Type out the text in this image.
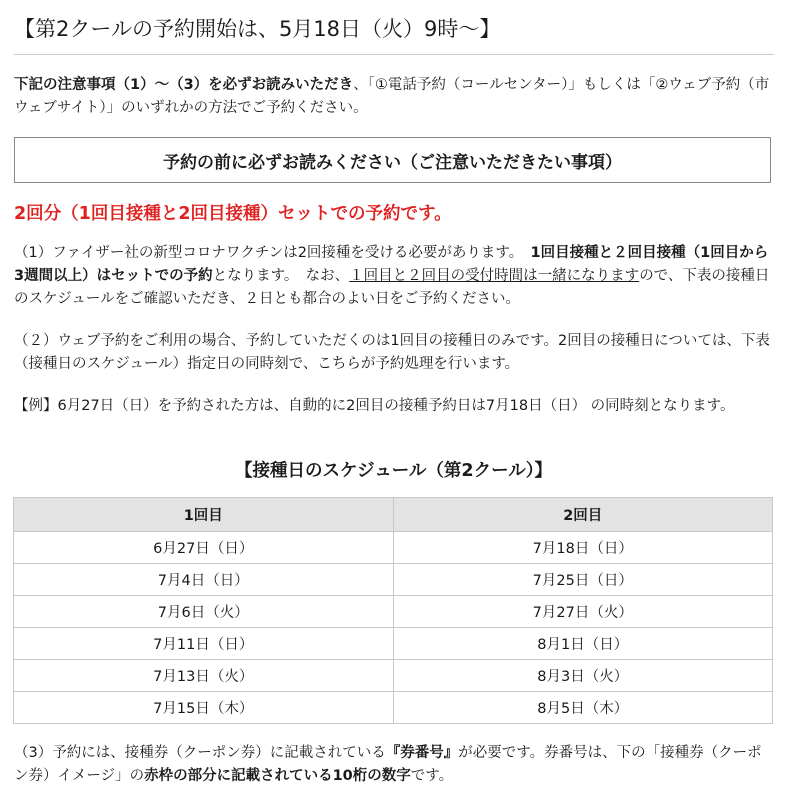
【第2クールの予約開始は、5月18日（火）9時〜】
下記の注意事項（1）〜（3）を必ずお読みいただき、「①電話予約（コールセンター）」もしくは「②ウェブ予約（市ウェブサイト）」のいずれかの方法でご予約ください。
予約の前に必ずお読みください（ご注意いただきたい事項）
2回分（1回目接種と2回目接種）セットでの予約です。
（1）ファイザー社の新型コロナワクチンは2回接種を受ける必要があります。　 1回目接種と２回目接種（1回目から3週間以上）はセットでの予約となります。　なお、１回目と２回目の受付時間は一緒になりますので、下表の接種日のスケジュールをご確認いただき、２日とも都合のよい日をご予約ください。
（２）ウェブ予約をご利用の場合、予約していただくのは1回目の接種日のみです。2回目の接種日については、下表（接種日のスケジュール）指定日の同時刻で、こちらが予約処理を行います。
【例】6月27日（日）を予約された方は、自動的に2回目の接種予約日は7月18日（日） の同時刻となります。
【接種日のスケジュール（第2クール）】
1回目	2回目
6月27日（日）	7月18日（日）
7月4日（日）	7月25日（日）
7月6日（火）	7月27日（火）
7月11日（日）	8月1日（日）
7月13日（火）	8月3日（火）
7月15日（木）	8月5日（木）
（3）予約には、接種券（クーポン券）に記載されている『券番号』が必要です。券番号は、下の「接種券（クーポン券）イメージ」の赤枠の部分に記載されている10桁の数字です。
